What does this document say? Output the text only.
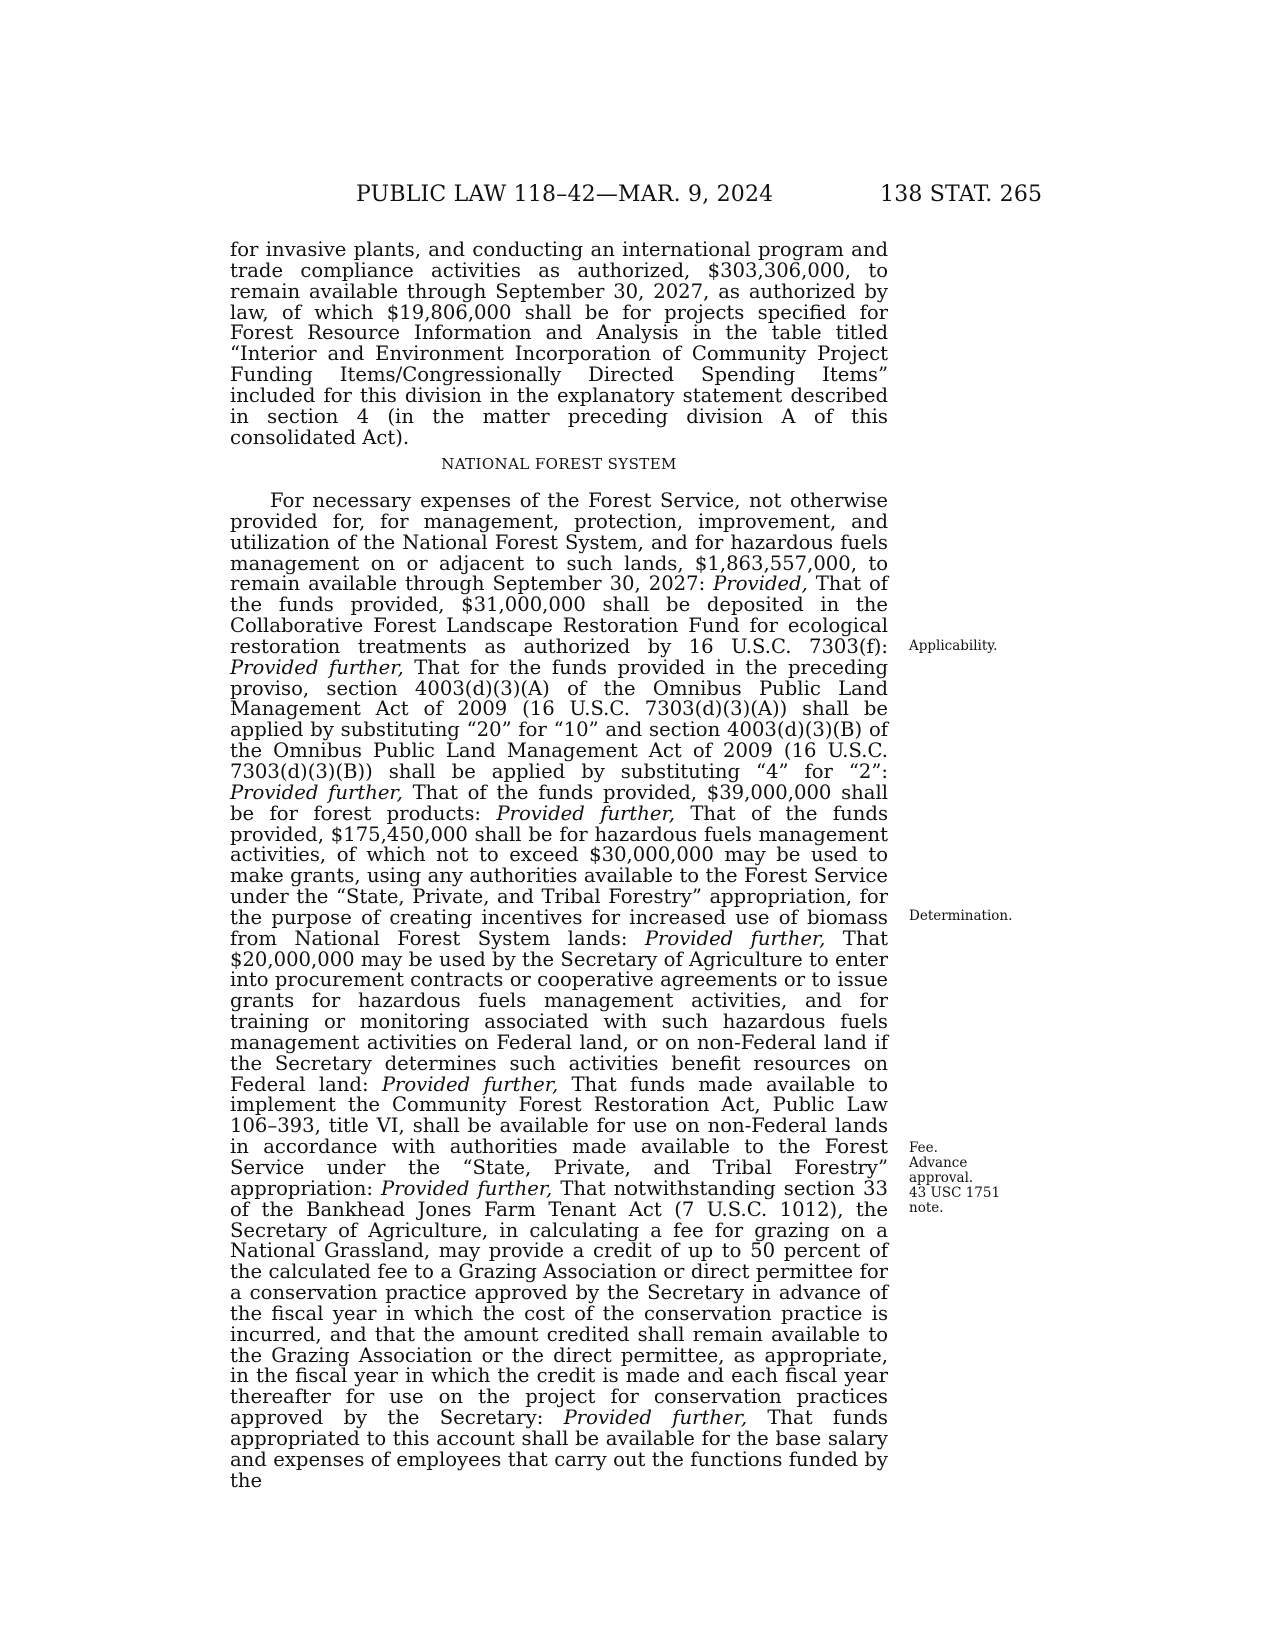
PUBLIC LAW 118–42—MAR. 9, 2024	138 STAT. 265
for invasive plants, and conducting an international program and trade compliance activities as authorized, $303,306,000, to remain available through September 30, 2027, as authorized by law, of which $19,806,000 shall be for projects specified for Forest Resource Information and Analysis in the table titled “Interior and Environment Incorporation of Community Project Funding Items/Congressionally Directed Spending Items” included for this division in the explanatory statement described in section 4 (in the matter preceding division A of this consolidated Act).
NATIONAL FOREST SYSTEM
For necessary expenses of the Forest Service, not otherwise provided for, for management, protection, improvement, and utilization of the National Forest System, and for hazardous fuels management on or adjacent to such lands, $1,863,557,000, to remain available through September 30, 2027: Provided, That of the funds provided, $31,000,000 shall be deposited in the Collaborative Forest Landscape Restoration Fund for ecological restoration treatments as authorized by 16 U.S.C. 7303(f): Provided further, That for the funds provided in the preceding proviso, section 4003(d)(3)(A) of the Omnibus Public Land Management Act of 2009 (16 U.S.C. 7303(d)(3)(A)) shall be applied by substituting “20” for “10” and section 4003(d)(3)(B) of the Omnibus Public Land Management Act of 2009 (16 U.S.C. 7303(d)(3)(B)) shall be applied by substituting “4” for “2”: Provided further, That of the funds provided, $39,000,000 shall be for forest products: Provided further, That of the funds provided, $175,450,000 shall be for hazardous fuels management activities, of which not to exceed $30,000,000 may be used to make grants, using any authorities available to the Forest Service under the “State, Private, and Tribal Forestry” appropriation, for the purpose of creating incentives for increased use of biomass from National Forest System lands: Provided further, That $20,000,000 may be used by the Secretary of Agriculture to enter into procurement contracts or cooperative agreements or to issue grants for hazardous fuels management activities, and for training or monitoring associated with such hazardous fuels management activities on Federal land, or on non-Federal land if the Secretary determines such activities benefit resources on Federal land: Provided further, That funds made available to implement the Community Forest Restoration Act, Public Law 106–393, title VI, shall be available for use on non-Federal lands in accordance with authorities made available to the Forest Service under the “State, Private, and Tribal Forestry” appropriation: Provided further, That notwithstanding section 33 of the Bankhead Jones Farm Tenant Act (7 U.S.C. 1012), the Secretary of Agriculture, in calculating a fee for grazing on a National Grassland, may provide a credit of up to 50 percent of the calculated fee to a Grazing Association or direct permittee for a conservation practice approved by the Secretary in advance of the fiscal year in which the cost of the conservation practice is incurred, and that the amount credited shall remain available to the Grazing Association or the direct permittee, as appropriate, in the fiscal year in which the credit is made and each fiscal year thereafter for use on the project for conservation practices approved by the Secretary: Provided further, That funds appropriated to this account shall be available for the base salary and expenses of employees that carry out the functions funded by the
Applicability.
Determination.
Fee.
Advance
approval.
43 USC 1751
note.
